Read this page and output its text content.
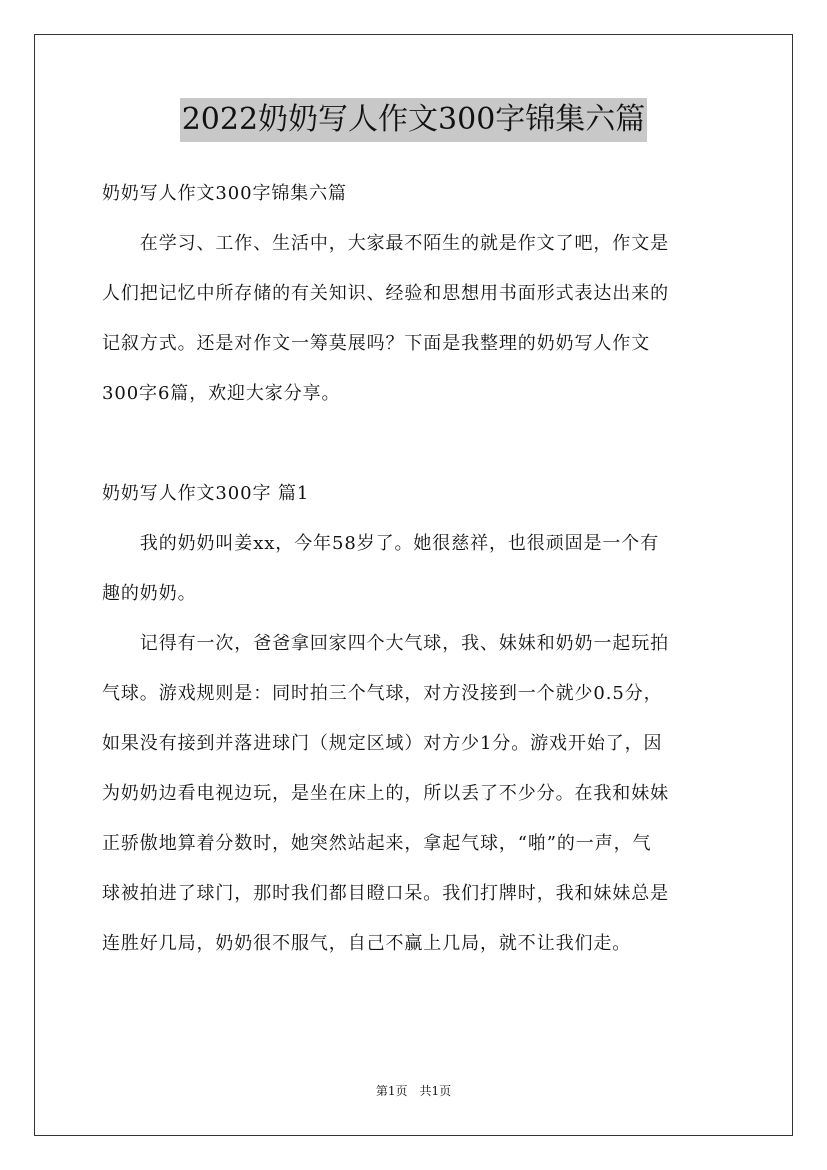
2022奶奶写人作文300字锦集六篇
奶奶写人作文300字锦集六篇
　　在学习、工作、生活中，大家最不陌生的就是作文了吧，作文是
人们把记忆中所存储的有关知识、经验和思想用书面形式表达出来的
记叙方式。还是对作文一筹莫展吗？下面是我整理的奶奶写人作文
300字6篇，欢迎大家分享。
奶奶写人作文300字 篇1
　　我的奶奶叫姜xx，今年58岁了。她很慈祥，也很顽固是一个有
趣的奶奶。
　　记得有一次，爸爸拿回家四个大气球，我、妹妹和奶奶一起玩拍
气球。游戏规则是：同时拍三个气球，对方没接到一个就少0.5分，
如果没有接到并落进球门（规定区域）对方少1分。游戏开始了，因
为奶奶边看电视边玩，是坐在床上的，所以丢了不少分。在我和妹妹
正骄傲地算着分数时，她突然站起来，拿起气球，“啪”的一声，气
球被拍进了球门，那时我们都目瞪口呆。我们打牌时，我和妹妹总是
连胜好几局，奶奶很不服气，自己不赢上几局，就不让我们走。
第1页 共1页
